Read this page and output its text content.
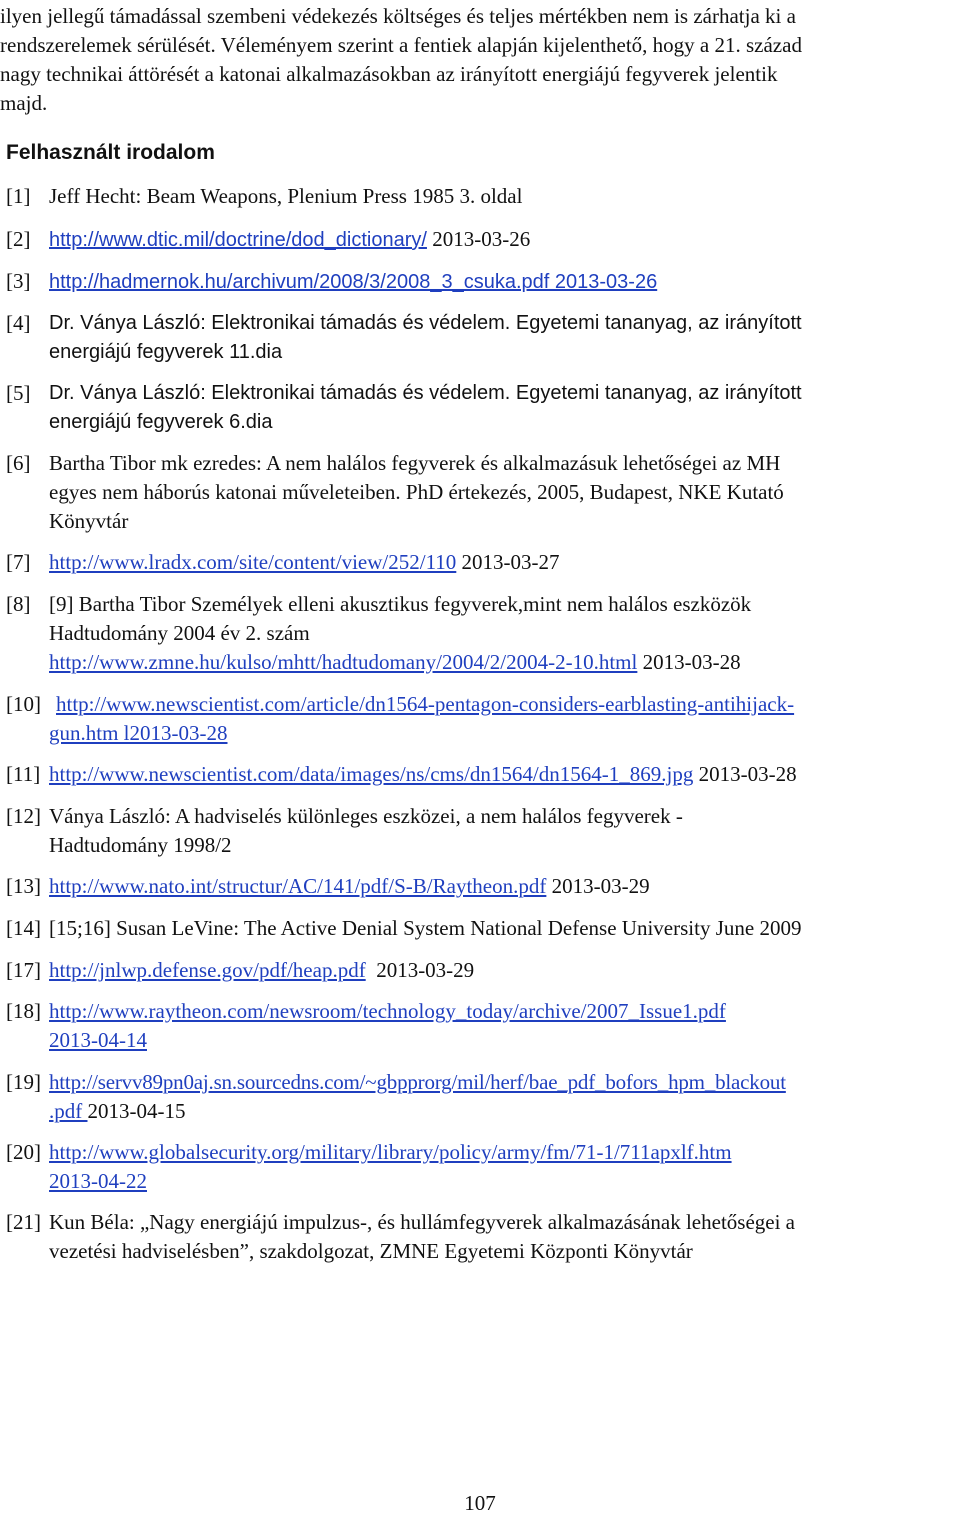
ilyen jellegű támadással szembeni védekezés költséges és teljes mértékben nem is zárhatja ki a
rendszerelemek sérülését. Véleményem szerint a fentiek alapján kijelenthető, hogy a 21. század
nagy technikai áttörését a katonai alkalmazásokban az irányított energiájú fegyverek jelentik
majd.
Felhasznált irodalom
[1] Jeff Hecht: Beam Weapons, Plenium Press 1985 3. oldal
[2] http://www.dtic.mil/doctrine/dod_dictionary/ 2013-03-26
[3] http://hadmernok.hu/archivum/2008/3/2008_3_csuka.pdf 2013-03-26
[4] Dr. Ványa László: Elektronikai támadás és védelem. Egyetemi tananyag, az irányított
energiájú fegyverek 11.dia
[5] Dr. Ványa László: Elektronikai támadás és védelem. Egyetemi tananyag, az irányított
energiájú fegyverek 6.dia
[6] Bartha Tibor mk ezredes: A nem halálos fegyverek és alkalmazásuk lehetőségei az MH
egyes nem háborús katonai műveleteiben. PhD értekezés, 2005, Budapest, NKE Kutató
Könyvtár
[7] http://www.lradx.com/site/content/view/252/110 2013-03-27
[8] [9] Bartha Tibor Személyek elleni akusztikus fegyverek,mint nem halálos eszközök
Hadtudomány 2004 év 2. szám
http://www.zmne.hu/kulso/mhtt/hadtudomany/2004/2/2004-2-10.html 2013-03-28
[10] http://www.newscientist.com/article/dn1564-pentagon-considers-earblasting-antihijack-
gun.htm l2013-03-28
[11] http://www.newscientist.com/data/images/ns/cms/dn1564/dn1564-1_869.jpg 2013-03-28
[12] Ványa László: A hadviselés különleges eszközei, a nem halálos fegyverek -
Hadtudomány 1998/2
[13] http://www.nato.int/structur/AC/141/pdf/S-B/Raytheon.pdf 2013-03-29
[14] [15;16] Susan LeVine: The Active Denial System National Defense University June 2009
[17] http://jnlwp.defense.gov/pdf/heap.pdf  2013-03-29
[18] http://www.raytheon.com/newsroom/technology_today/archive/2007_Issue1.pdf
2013-04-14
[19] http://servv89pn0aj.sn.sourcedns.com/~gbpprorg/mil/herf/bae_pdf_bofors_hpm_blackout
.pdf 2013-04-15
[20] http://www.globalsecurity.org/military/library/policy/army/fm/71-1/711apxlf.htm
2013-04-22
[21] Kun Béla: „Nagy energiájú impulzus-, és hullámfegyverek alkalmazásának lehetőségei a
vezetési hadviselésben”, szakdolgozat, ZMNE Egyetemi Központi Könyvtár
107
